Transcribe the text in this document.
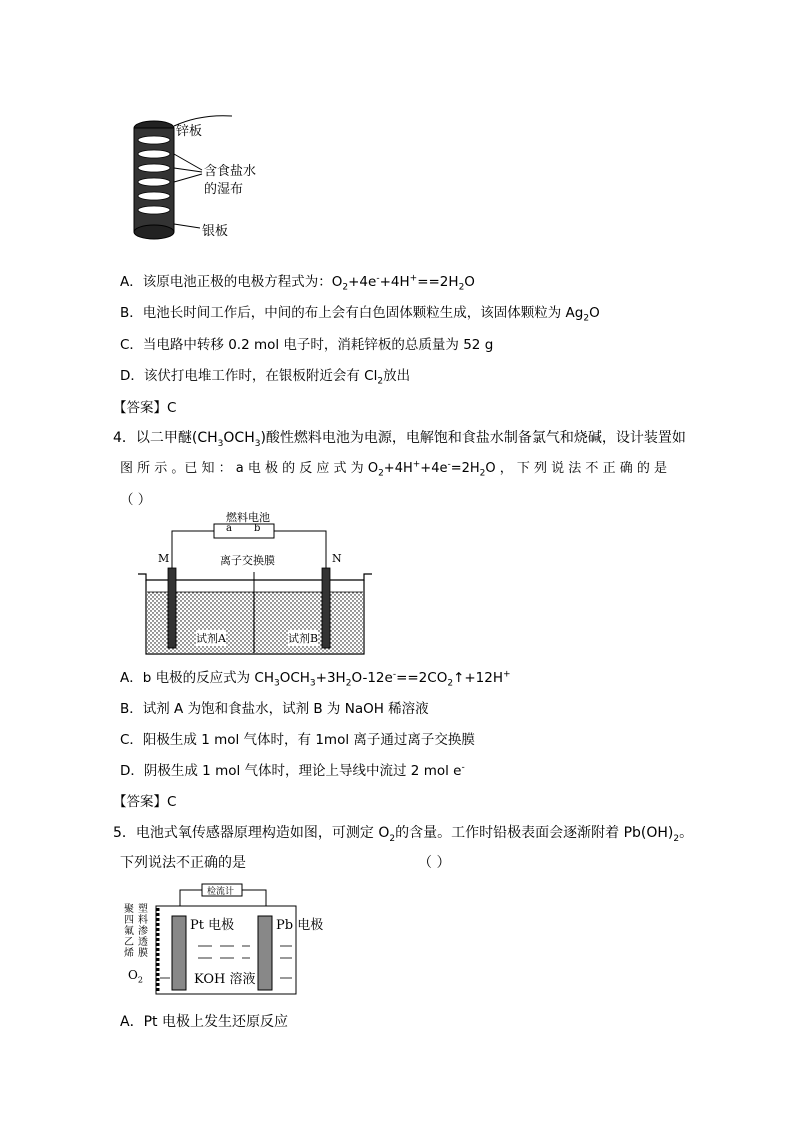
锌板
含食盐水
的湿布
银板
A．该原电池正极的电极方程式为：$O_2+4e^-+4H^+==2H_2O$
B．电池长时间工作后，中间的布上会有白色固体颗粒生成，该固体颗粒为 $Ag_2O$
C．当电路中转移 0.2 mol 电子时，消耗锌板的总质量为 52 g
D．该伏打电堆工作时，在银板附近会有 $Cl_2$放出
【答案】C
4．以二甲醚$(CH_3OCH_3)$酸性燃料电池为电源，电解饱和食盐水制备氯气和烧碱，设计装置如
图 所 示 。已 知 ： a 电 极 的 反 应 式 为 $O_2+4H^++4e^-=2H_2O$ ， 下 列 说 法 不 正 确 的 是
（ ）
燃料电池
a b
M	N
离子交换膜
试剂A	试剂B
A．b 电极的反应式为 $CH_3OCH_3+3H_2O-12e^-==2CO_2↑+12H^+$
B．试剂 A 为饱和食盐水，试剂 B 为 NaOH 稀溶液
C．阳极生成 1 mol 气体时，有 1mol 离子通过离子交换膜
D．阴极生成 1 mol 气体时，理论上导线中流过 2 mol e-
【答案】C
5．电池式氧传感器原理构造如图，可测定 $O_2$的含量。工作时铅极表面会逐渐附着 $Pb(OH)_2$。
下列说法不正确的是	（ ）
检流计
聚
四
氟
乙
烯
塑
料
渗
透
膜
$O_2$
Pt 电极	Pb 电极
KOH 溶液
A．Pt 电极上发生还原反应
